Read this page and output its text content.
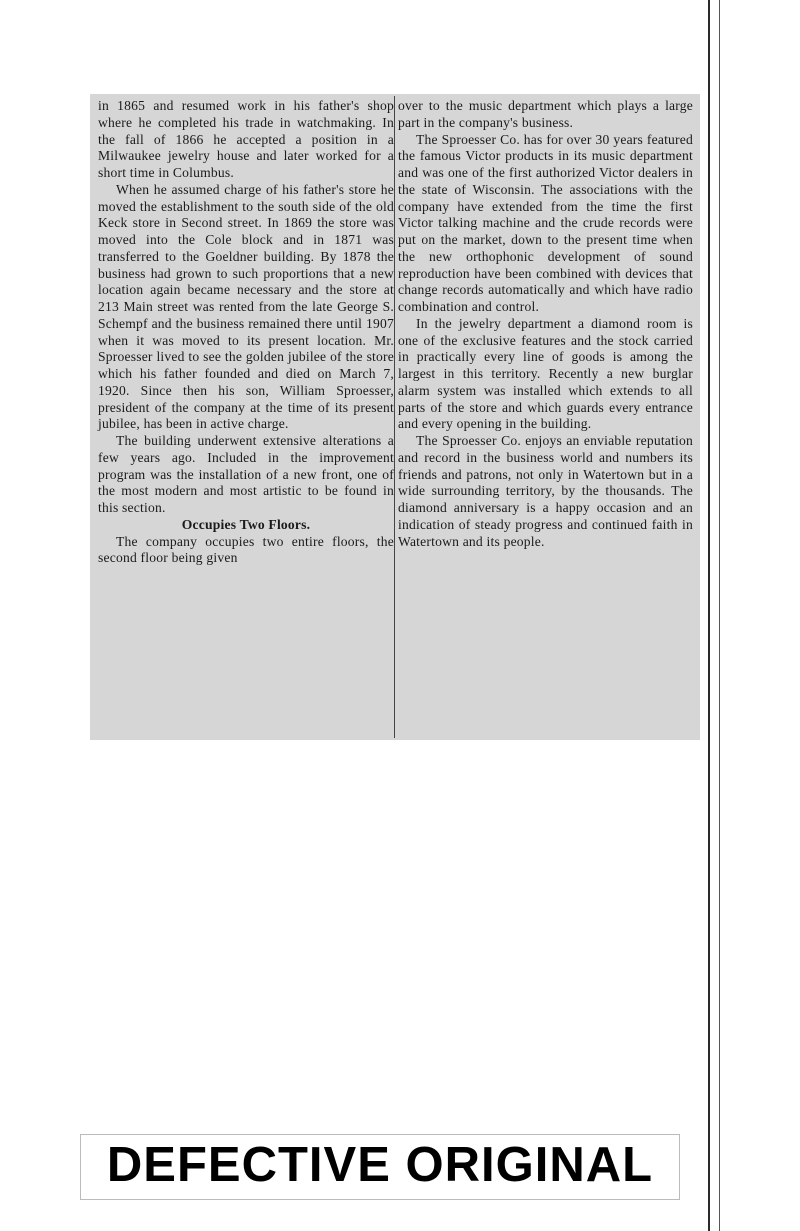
in 1865 and resumed work in his father's shop where he completed his trade in watchmaking. In the fall of 1866 he accepted a position in a Milwaukee jewelry house and later worked for a short time in Columbus.

When he assumed charge of his father's store he moved the establishment to the south side of the old Keck store in Second street. In 1869 the store was moved into the Cole block and in 1871 was transferred to the Goeldner building. By 1878 the business had grown to such proportions that a new location again became necessary and the store at 213 Main street was rented from the late George S. Schempf and the business remained there until 1907 when it was moved to its present location. Mr. Sproesser lived to see the golden jubilee of the store which his father founded and died on March 7, 1920. Since then his son, William Sproesser, president of the company at the time of its present jubilee, has been in active charge.

The building underwent extensive alterations a few years ago. Included in the improvement program was the installation of a new front, one of the most modern and most artistic to be found in this section.

Occupies Two Floors.

The company occupies two entire floors, the second floor being given

over to the music department which plays a large part in the company's business.

The Sproesser Co. has for over 30 years featured the famous Victor products in its music department and was one of the first authorized Victor dealers in the state of Wisconsin. The associations with the company have extended from the time the first Victor talking machine and the crude records were put on the market, down to the present time when the new orthophonic development of sound reproduction have been combined with devices that change records automatically and which have radio combination and control.

In the jewelry department a diamond room is one of the exclusive features and the stock carried in practically every line of goods is among the largest in this territory. Recently a new burglar alarm system was installed which extends to all parts of the store and which guards every entrance and every opening in the building.

The Sproesser Co. enjoys an enviable reputation and record in the business world and numbers its friends and patrons, not only in Watertown but in a wide surrounding territory, by the thousands. The diamond anniversary is a happy occasion and an indication of steady progress and continued faith in Watertown and its people.

DEFECTIVE ORIGINAL
